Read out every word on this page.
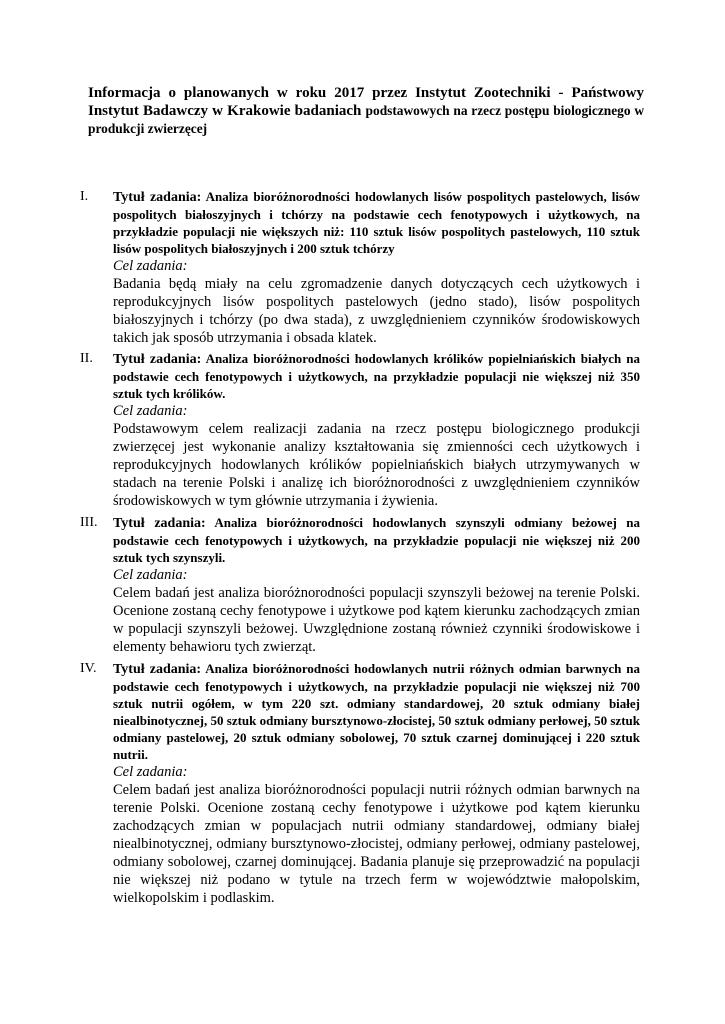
Informacja o planowanych w roku 2017 przez Instytut Zootechniki - Państwowy Instytut Badawczy w Krakowie badaniach podstawowych na rzecz postępu biologicznego w produkcji zwierzęcej
I. Tytuł zadania: Analiza bioróżnorodności hodowlanych lisów pospolitych pastelowych, lisów pospolitych białoszyjnych i tchórzy na podstawie cech fenotypowych i użytkowych, na przykładzie populacji nie większych niż: 110 sztuk lisów pospolitych pastelowych, 110 sztuk lisów pospolitych białoszyjnych i 200 sztuk tchórzy

Cel zadania:

Badania będą miały na celu zgromadzenie danych dotyczących cech użytkowych i reprodukcyjnych lisów pospolitych pastelowych (jedno stado), lisów pospolitych białoszyjnych i tchórzy (po dwa stada), z uwzględnieniem czynników środowiskowych takich jak sposób utrzymania i obsada klatek.

II. Tytuł zadania: Analiza bioróżnorodności hodowlanych królików popielniańskich białych na podstawie cech fenotypowych i użytkowych, na przykładzie populacji nie większej niż 350 sztuk tych królików.

Cel zadania:

Podstawowym celem realizacji zadania na rzecz postępu biologicznego produkcji zwierzęcej jest wykonanie analizy kształtowania się zmienności cech użytkowych i reprodukcyjnych hodowlanych królików popielniańskich białych utrzymywanych w stadach na terenie Polski i analizę ich bioróżnorodności z uwzględnieniem czynników środowiskowych w tym głównie utrzymania i żywienia.

III. Tytuł zadania: Analiza bioróżnorodności hodowlanych szynszyli odmiany beżowej na podstawie cech fenotypowych i użytkowych, na przykładzie populacji nie większej niż 200 sztuk tych szynszyli.

Cel zadania:

Celem badań jest analiza bioróżnorodności populacji szynszyli beżowej na terenie Polski. Ocenione zostaną cechy fenotypowe i użytkowe pod kątem kierunku zachodzących zmian w populacji szynszyli beżowej. Uwzględnione zostaną również czynniki środowiskowe i elementy behawioru tych zwierząt.

IV. Tytuł zadania: Analiza bioróżnorodności hodowlanych nutrii różnych odmian barwnych na podstawie cech fenotypowych i użytkowych, na przykładzie populacji nie większej niż 700 sztuk nutrii ogółem, w tym 220 szt. odmiany standardowej, 20 sztuk odmiany białej niealbinotycznej, 50 sztuk odmiany bursztynowo-złocistej, 50 sztuk odmiany perłowej, 50 sztuk odmiany pastelowej, 20 sztuk odmiany sobolowej, 70 sztuk czarnej dominującej i 220 sztuk nutrii.

Cel zadania:

Celem badań jest analiza bioróżnorodności populacji nutrii różnych odmian barwnych na terenie Polski. Ocenione zostaną cechy fenotypowe i użytkowe pod kątem kierunku zachodzących zmian w populacjach nutrii odmiany standardowej, odmiany białej niealbinotycznej, odmiany bursztynowo-złocistej, odmiany perłowej, odmiany pastelowej, odmiany sobolowej, czarnej dominującej. Badania planuje się przeprowadzić na populacji nie większej niż podano w tytule na trzech ferm w województwie małopolskim, wielkopolskim i podlaskim.
